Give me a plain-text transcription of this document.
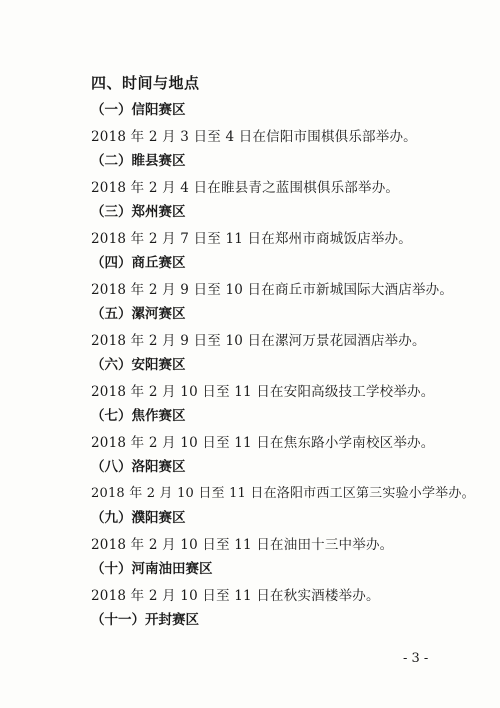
四、时间与地点
（一）信阳赛区
2018 年 2 月 3 日至 4 日在信阳市围棋俱乐部举办。
（二）睢县赛区
2018 年 2 月 4 日在睢县青之蓝围棋俱乐部举办。
（三）郑州赛区
2018 年 2 月 7 日至 11 日在郑州市商城饭店举办。
（四）商丘赛区
2018 年 2 月 9 日至 10 日在商丘市新城国际大酒店举办。
（五）漯河赛区
2018 年 2 月 9 日至 10 日在漯河万景花园酒店举办。
（六）安阳赛区
2018 年 2 月 10 日至 11 日在安阳高级技工学校举办。
（七）焦作赛区
2018 年 2 月 10 日至 11 日在焦东路小学南校区举办。
（八）洛阳赛区
2018 年 2 月 10 日至 11 日在洛阳市西工区第三实验小学举办。
（九）濮阳赛区
2018 年 2 月 10 日至 11 日在油田十三中举办。
（十）河南油田赛区
2018 年 2 月 10 日至 11 日在秋实酒楼举办。
（十一）开封赛区
- 3 -
